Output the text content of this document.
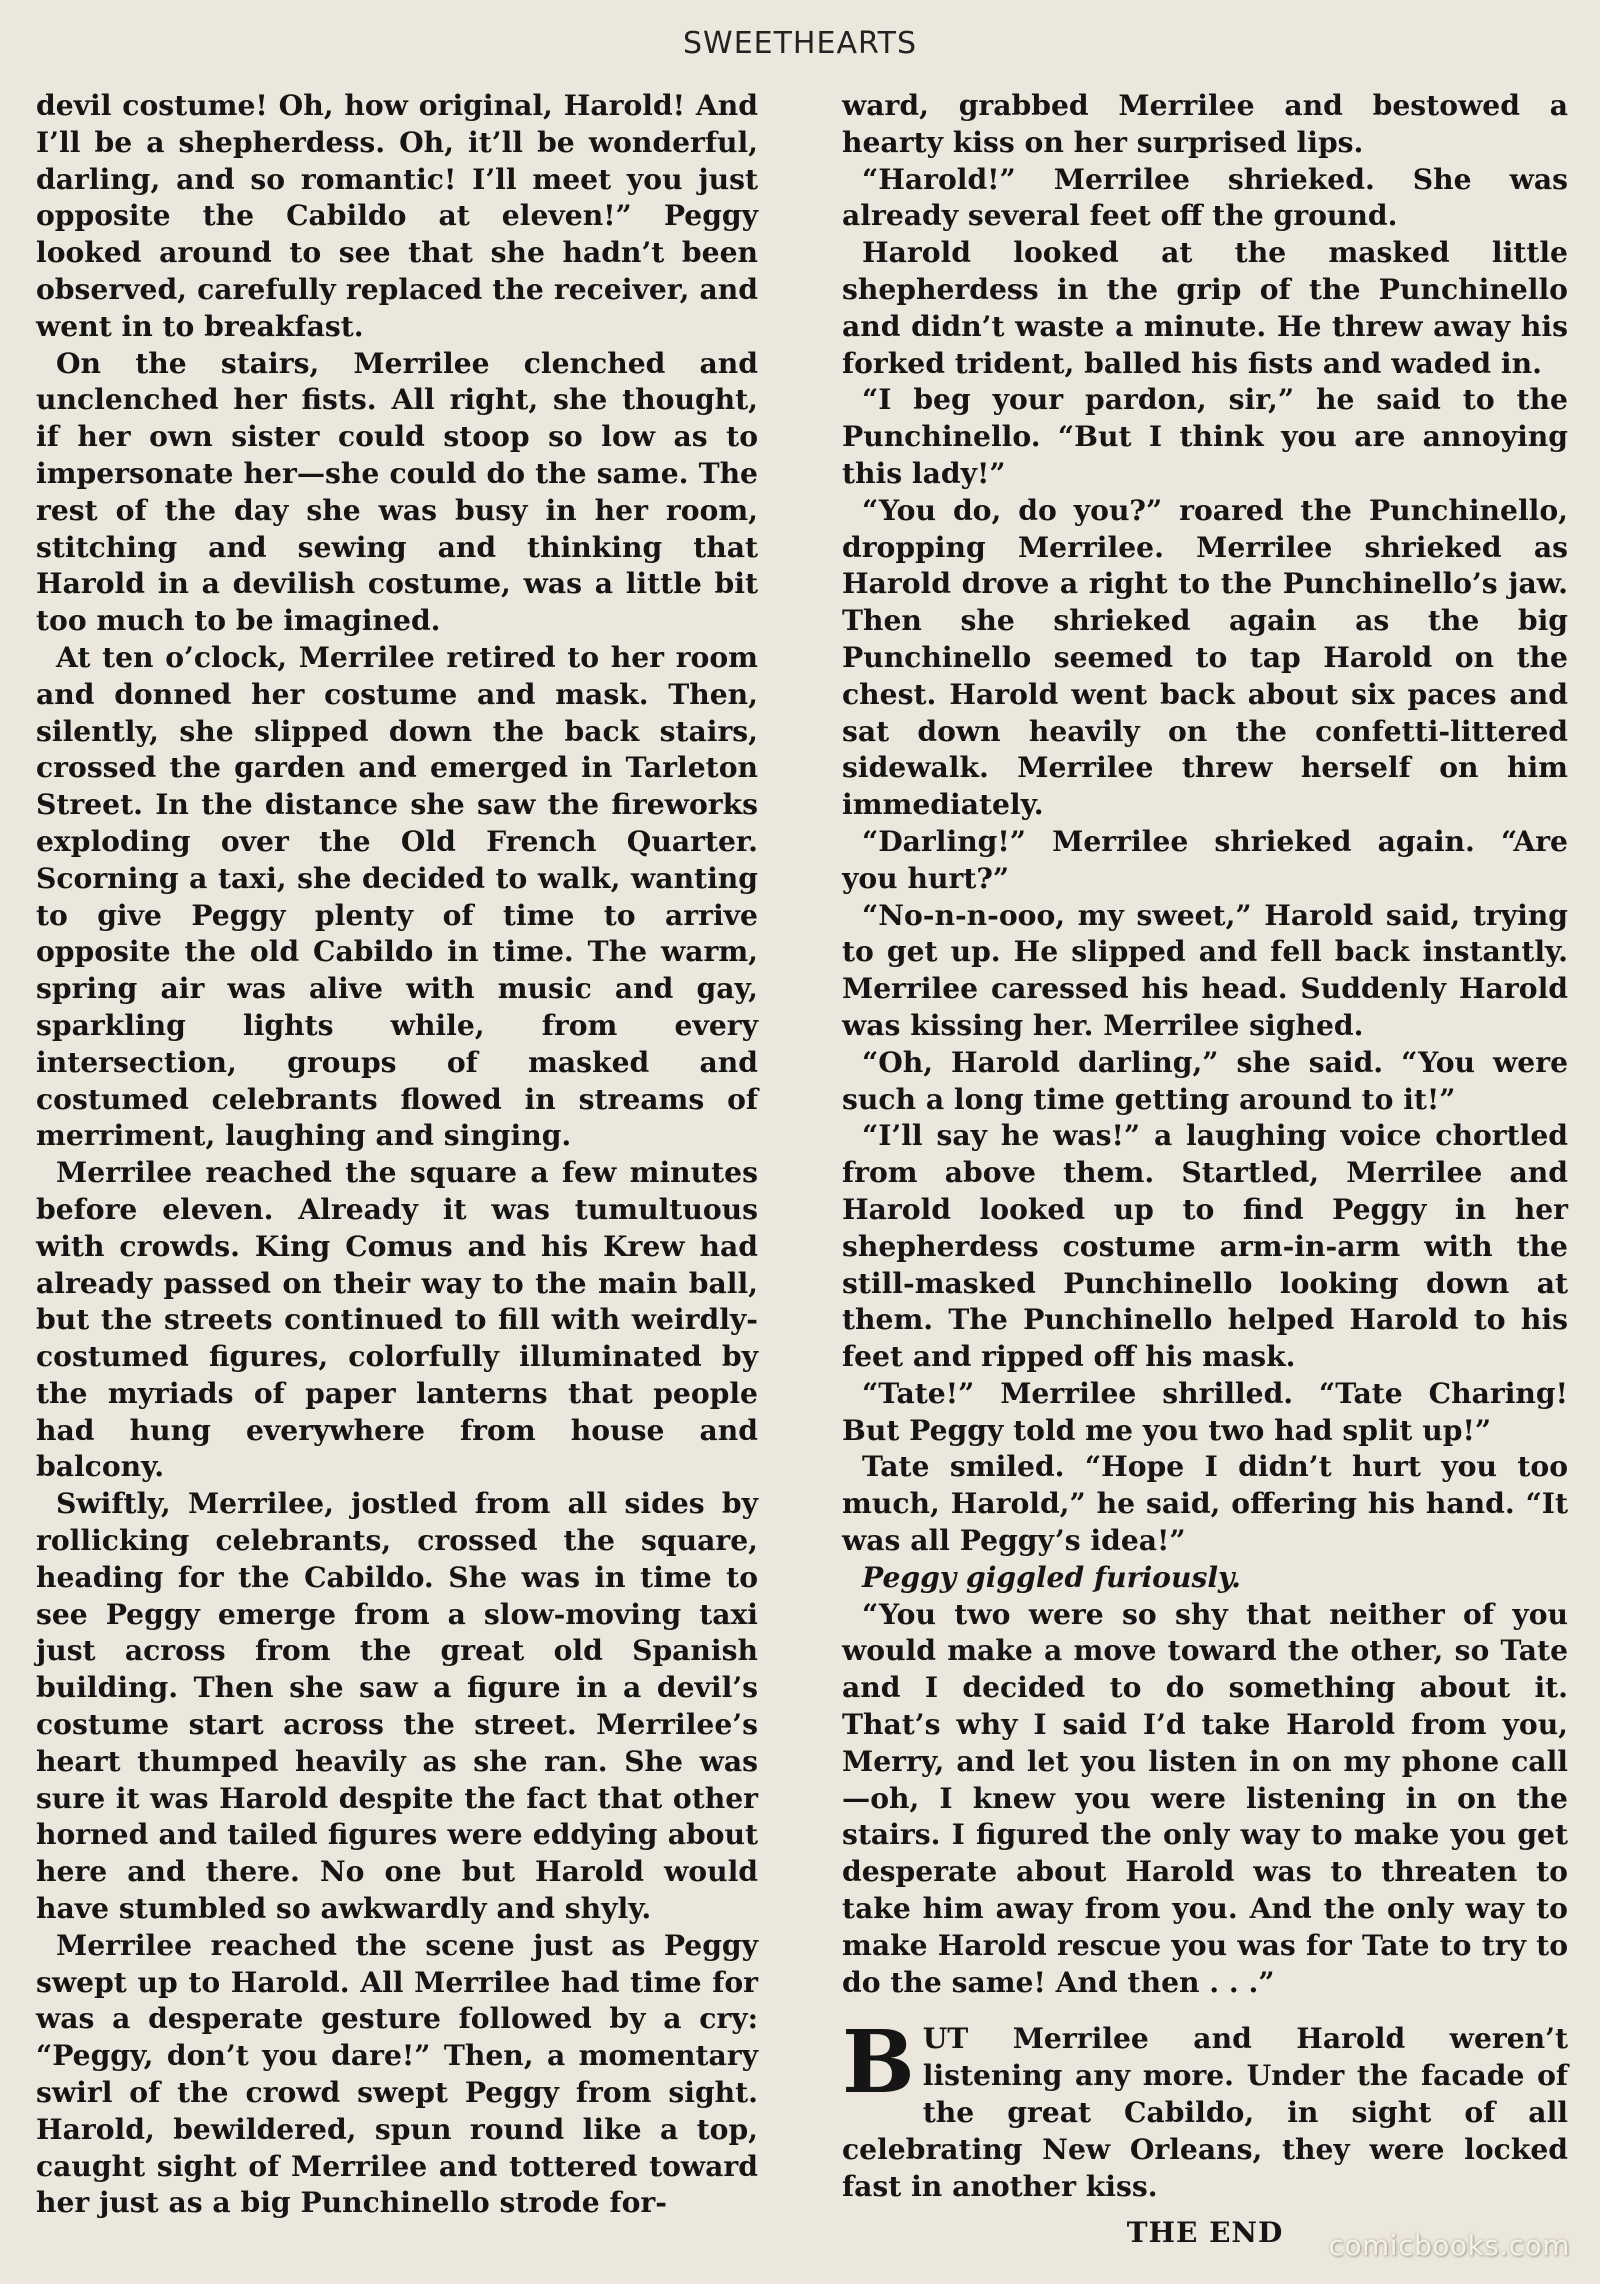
SWEETHEARTS

devil costume! Oh, how original, Harold! And I’ll be a shepherdess. Oh, it’ll be wonderful, darling, and so romantic! I’ll meet you just opposite the Cabildo at eleven!” Peggy looked around to see that she hadn’t been observed, carefully replaced the receiver, and went in to breakfast.

On the stairs, Merrilee clenched and unclenched her fists. All right, she thought, if her own sister could stoop so low as to impersonate her—she could do the same. The rest of the day she was busy in her room, stitching and sewing and thinking that Harold in a devilish costume, was a little bit too much to be imagined.

At ten o’clock, Merrilee retired to her room and donned her costume and mask. Then, silently, she slipped down the back stairs, crossed the garden and emerged in Tarleton Street. In the distance she saw the fireworks exploding over the Old French Quarter. Scorning a taxi, she decided to walk, wanting to give Peggy plenty of time to arrive opposite the old Cabildo in time. The warm, spring air was alive with music and gay, sparkling lights while, from every intersection, groups of masked and costumed celebrants flowed in streams of merriment, laughing and singing.

Merrilee reached the square a few minutes before eleven. Already it was tumultuous with crowds. King Comus and his Krew had already passed on their way to the main ball, but the streets continued to fill with weirdly-costumed figures, colorfully illuminated by the myriads of paper lanterns that people had hung everywhere from house and balcony.

Swiftly, Merrilee, jostled from all sides by rollicking celebrants, crossed the square, heading for the Cabildo. She was in time to see Peggy emerge from a slow-moving taxi just across from the great old Spanish building. Then she saw a figure in a devil’s costume start across the street. Merrilee’s heart thumped heavily as she ran. She was sure it was Harold despite the fact that other horned and tailed figures were eddying about here and there. No one but Harold would have stumbled so awkwardly and shyly.

Merrilee reached the scene just as Peggy swept up to Harold. All Merrilee had time for was a desperate gesture followed by a cry: “Peggy, don’t you dare!” Then, a momentary swirl of the crowd swept Peggy from sight. Harold, bewildered, spun round like a top, caught sight of Merrilee and tottered toward her just as a big Punchinello strode for-

ward, grabbed Merrilee and bestowed a hearty kiss on her surprised lips.

“Harold!” Merrilee shrieked. She was already several feet off the ground.

Harold looked at the masked little shepherdess in the grip of the Punchinello and didn’t waste a minute. He threw away his forked trident, balled his fists and waded in.

“I beg your pardon, sir,” he said to the Punchinello. “But I think you are annoying this lady!”

“You do, do you?” roared the Punchinello, dropping Merrilee. Merrilee shrieked as Harold drove a right to the Punchinello’s jaw. Then she shrieked again as the big Punchinello seemed to tap Harold on the chest. Harold went back about six paces and sat down heavily on the confetti-littered sidewalk. Merrilee threw herself on him immediately.

“Darling!” Merrilee shrieked again. “Are you hurt?”

“No-n-n-ooo, my sweet,” Harold said, trying to get up. He slipped and fell back instantly. Merrilee caressed his head. Suddenly Harold was kissing her. Merrilee sighed.

“Oh, Harold darling,” she said. “You were such a long time getting around to it!”

“I’ll say he was!” a laughing voice chortled from above them. Startled, Merrilee and Harold looked up to find Peggy in her shepherdess costume arm-in-arm with the still-masked Punchinello looking down at them. The Punchinello helped Harold to his feet and ripped off his mask.

“Tate!” Merrilee shrilled. “Tate Charing! But Peggy told me you two had split up!”

Tate smiled. “Hope I didn’t hurt you too much, Harold,” he said, offering his hand. “It was all Peggy’s idea!”

Peggy giggled furiously.

“You two were so shy that neither of you would make a move toward the other, so Tate and I decided to do something about it. That’s why I said I’d take Harold from you, Merry, and let you listen in on my phone call—oh, I knew you were listening in on the stairs. I figured the only way to make you get desperate about Harold was to threaten to take him away from you. And the only way to make Harold rescue you was for Tate to try to do the same! And then . . .”

BUT Merrilee and Harold weren’t listening any more. Under the facade of the great Cabildo, in sight of all celebrating New Orleans, they were locked fast in another kiss.

THE END	comicbooks.com
